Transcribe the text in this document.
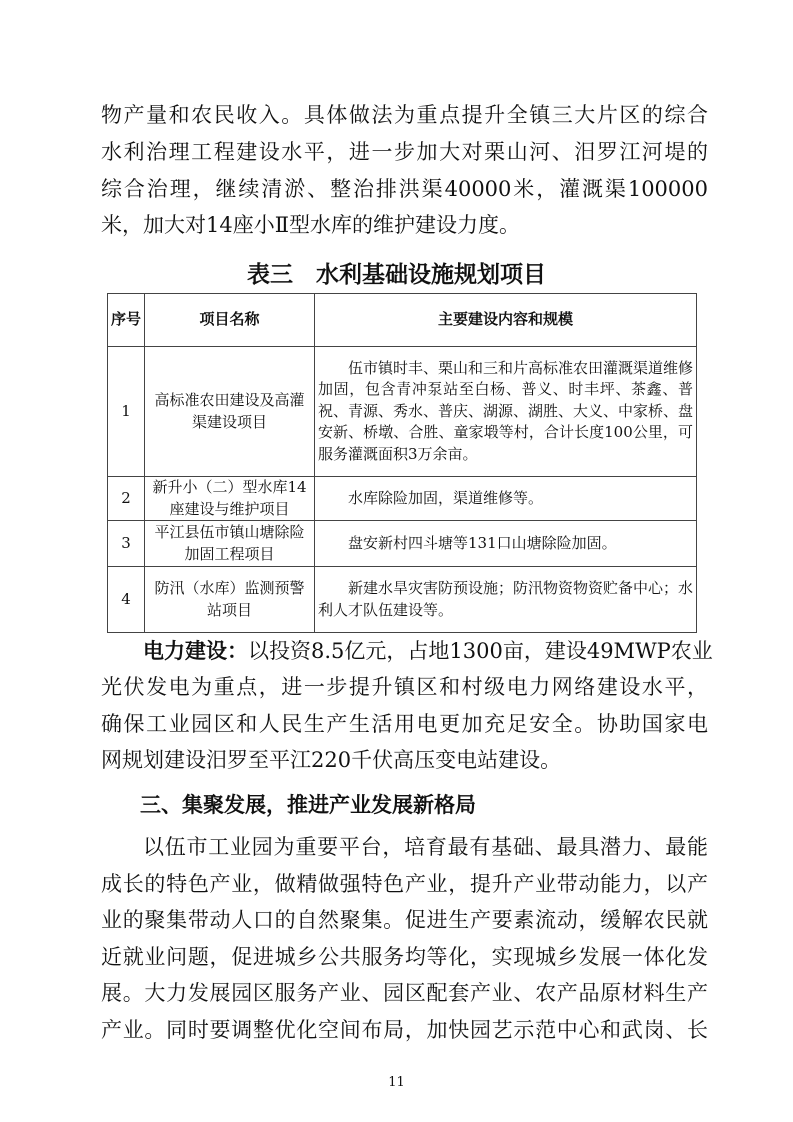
物产量和农民收入。具体做法为重点提升全镇三大片区的综合
水利治理工程建设水平，进一步加大对栗山河、汨罗江河堤的
综合治理，继续清淤、整治排洪渠40000米，灌溉渠100000
米，加大对14座小Ⅱ型水库的维护建设力度。
表三　水利基础设施规划项目
序号	项目名称	主要建设内容和规模
1	高标准农田建设及高灌渠建设项目	伍市镇时丰、栗山和三和片高标准农田灌溉渠道维修加固，包含青冲泵站至白杨、普义、时丰坪、茶鑫、普祝、青源、秀水、普庆、湖源、湖胜、大义、中家桥、盘安新、桥墩、合胜、童家塅等村，合计长度100公里，可服务灌溉面积3万余亩。
2	新升小（二）型水库14座建设与维护项目	水库除险加固，渠道维修等。
3	平江县伍市镇山塘除险加固工程项目	盘安新村四斗塘等131口山塘除险加固。
4	防汛（水库）监测预警站项目	新建水旱灾害防预设施；防汛物资物资贮备中心；水利人才队伍建设等。
电力建设：以投资8.5亿元，占地1300亩，建设49MWP农业
光伏发电为重点，进一步提升镇区和村级电力网络建设水平，
确保工业园区和人民生产生活用电更加充足安全。协助国家电
网规划建设汨罗至平江220千伏高压变电站建设。
三、集聚发展，推进产业发展新格局
以伍市工业园为重要平台，培育最有基础、最具潜力、最能
成长的特色产业，做精做强特色产业，提升产业带动能力，以产
业的聚集带动人口的自然聚集。促进生产要素流动，缓解农民就
近就业问题，促进城乡公共服务均等化，实现城乡发展一体化发
展。大力发展园区服务产业、园区配套产业、农产品原材料生产
产业。同时要调整优化空间布局，加快园艺示范中心和武岗、长
11
